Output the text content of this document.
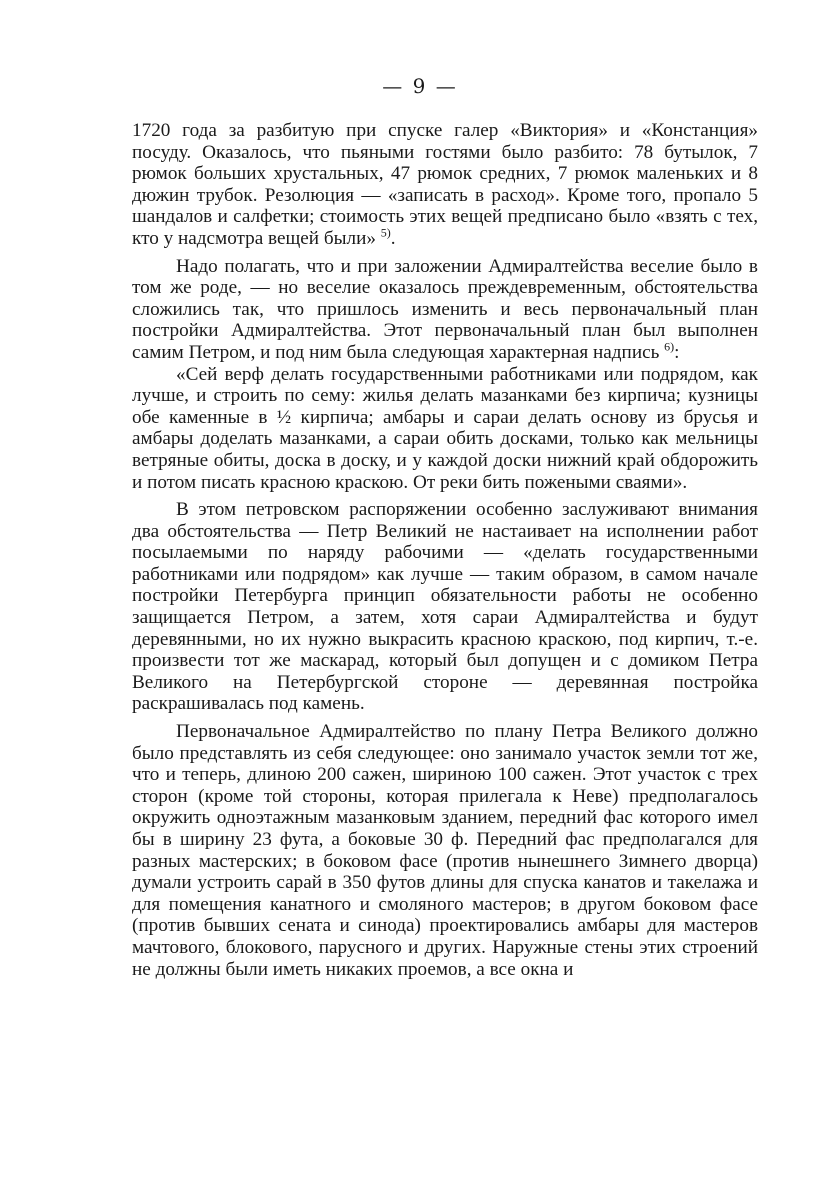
— 9 —

1720 года за разбитую при спуске галер «Виктория» и «Констанция» посуду. Оказалось, что пьяными гостями было разбито: 78 бутылок, 7 рюмок больших хрустальных, 47 рюмок средних, 7 рюмок маленьких и 8 дюжин трубок. Резолюция — «записать в расход». Кроме того, пропало 5 шандалов и салфетки; стоимость этих вещей предписано было «взять с тех, кто у надсмотра вещей были» $^{5)}$.

Надо полагать, что и при заложении Адмиралтейства веселие было в том же роде, — но веселие оказалось преждевременным, обстоятельства сложились так, что пришлось изменить и весь первоначальный план постройки Адмиралтейства. Этот первоначальный план был выполнен самим Петром, и под ним была следующая характерная надпись $^{6)}$:

«Сей верф делать государственными работниками или подрядом, как лучше, и строить по сему: жилья делать мазанками без кирпича; кузницы обе каменные в ½ кирпича; амбары и сараи делать основу из брусья и амбары доделать мазанками, а сараи обить досками, только как мельницы ветряные обиты, доска в доску, и у каждой доски нижний край обдорожить и потом писать красною краскою. От реки бить пожеными сваями».

В этом петровском распоряжении особенно заслуживают внимания два обстоятельства — Петр Великий не настаивает на исполнении работ посылаемыми по наряду рабочими — «делать государственными работниками или подрядом» как лучше — таким образом, в самом начале постройки Петербурга принцип обязательности работы не особенно защищается Петром, а затем, хотя сараи Адмиралтейства и будут деревянными, но их нужно выкрасить красною краскою, под кирпич, т.-е. произвести тот же маскарад, который был допущен и с домиком Петра Великого на Петербургской стороне — деревянная постройка раскрашивалась под камень.

Первоначальное Адмиралтейство по плану Петра Великого должно было представлять из себя следующее: оно занимало участок земли тот же, что и теперь, длиною 200 сажен, шириною 100 сажен. Этот участок с трех сторон (кроме той стороны, которая прилегала к Неве) предполагалось окружить одноэтажным мазанковым зданием, передний фас которого имел бы в ширину 23 фута, а боковые 30 ф. Передний фас предполагался для разных мастерских; в боковом фасе (против нынешнего Зимнего дворца) думали устроить сарай в 350 футов длины для спуска канатов и такелажа и для помещения канатного и смоляного мастеров; в другом боковом фасе (против бывших сената и синода) проектировались амбары для мастеров мачтового, блокового, парусного и других. Наружные стены этих строений не должны были иметь никаких проемов, а все окна и
